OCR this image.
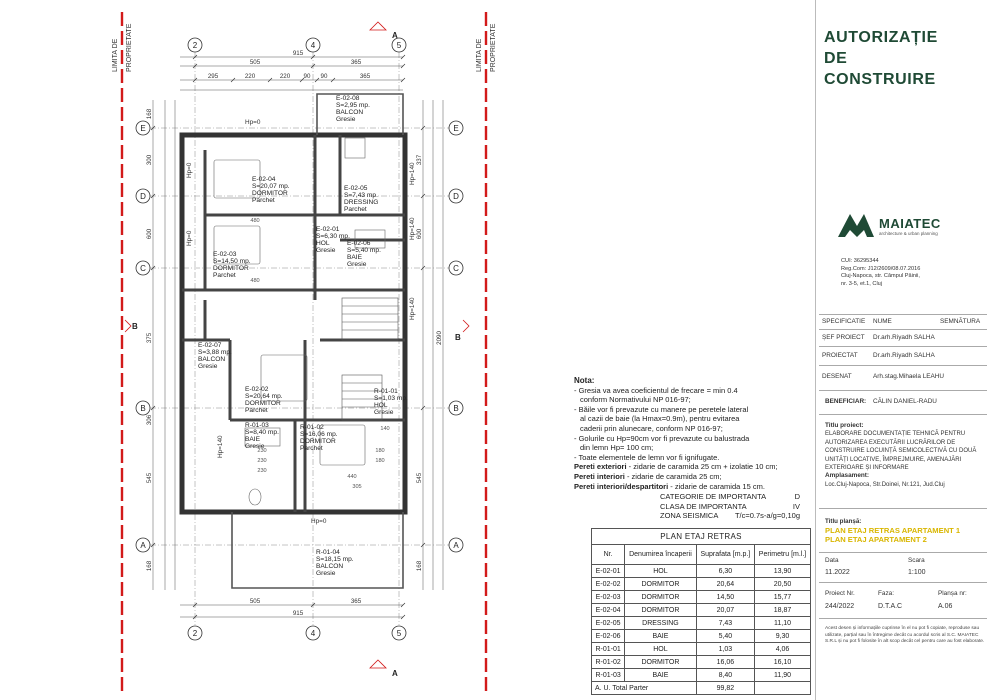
LIMITA DE PROPRIETATE	LIMITA DE PROPRIETATE
2	4	5
2	4	5
E
D
C
B
A
E
D
C
B
A
A
B
B
A
915
505	365
295	220	220 90 90	365
505	365
915
168
300
600
375
306
545
168
337
600
2090
545
168
Hp=0
Hp=0
Hp=0
Hp=140
Hp=140
Hp=140
Hp=140
Hp=0
480
480
230
230
230
440
180
180
140
305
E-02-08
S=2,95 mp.
BALCON
Gresie
E-02-04
S=20,07 mp.
DORMITOR
Parchet
E-02-05
S=7,43 mp.
DRESSING
Parchet
E-02-01
S=6,30 mp.
HOL
Gresie
E-02-06
S=5,40 mp.
BAIE
Gresie
E-02-03
S=14,50 mp.
DORMITOR
Parchet
E-02-07
S=3,88 mp.
BALCON
Gresie
E-02-02
S=20,64 mp.
DORMITOR
Parchet
R-01-01
S=1,03 mp.
HOL
Gresie
R-01-03
S=8,40 mp.
BAIE
Gresie
R-01-02
S=16,06 mp.
DORMITOR
Parchet
R-01-04
S=18,15 mp.
BALCON
Gresie
Nota:
- Gresia va avea coeficientul de frecare = min 0.4
conform Normativului NP 016-97;
- Băile vor fi prevazute cu manere pe peretele lateral
al cazii de baie (la Hmax=0.9m), pentru evitarea
caderii prin alunecare, conform NP 016-97;
- Golurile cu Hp=90cm vor fi prevazute cu balustrada
din lemn Hp= 100 cm;
- Toate elementele de lemn vor fi ignifugate.
Pereti exteriori - zidarie de caramida 25 cm + izolatie 10 cm;
Pereti interiori - zidarie de caramida 25 cm;
Pereti interiori/despartitori - zidarie de caramida 15 cm.
CATEGORIE DE IMPORTANTA	D
CLASA DE IMPORTANTA	IV
ZONA SEISMICA T/c=0.7s-a/g=0,10g
PLAN ETAJ RETRAS			
Nr.	Denumirea încaperii	Suprafata [m.p.]	Perimetru [m.l.]
E-02-01	HOL	6,30	13,90
E-02-02	DORMITOR	20,64	20,50
E-02-03	DORMITOR	14,50	15,77
E-02-04	DORMITOR	20,07	18,87
E-02-05	DRESSING	7,43	11,10
E-02-06	BAIE	5,40	9,30
R-01-01	HOL	1,03	4,06
R-01-02	DORMITOR	16,06	16,10
R-01-03	BAIE	8,40	11,90
A. U. Total Parter		99,82	
AUTORIZAȚIE
DE
CONSTRUIRE
MAIATEC
architecture & urban planning
CUI: 36295344
Reg.Com: J12/2609/08.07.2016
Cluj-Napoca, str. Câmpul Pâinii,
nr. 3-5, et.1, Cluj
SPECIFICATIE NUME	SEMNĂTURA
ȘEF PROIECT Dr.arh.Riyadh SALHA
PROIECTAT Dr.arh.Riyadh SALHA
DESENAT	Arh.stag.Mihaela LEAHU
BENEFICIAR: CĂLIN DANIEL-RADU
Titlu proiect:
ELABORARE DOCUMENTAȚIE TEHNICĂ PENTRU AUTORIZAREA EXECUTĂRII LUCRĂRILOR DE CONSTRUIRE LOCUINȚĂ SEMICOLECTIVĂ CU DOUĂ UNITĂȚI LOCATIVE, ÎMPREJMUIRE, AMENAJĂRI EXTERIOARE ȘI INFORMARE
Amplasament:
Loc.Cluj-Napoca, Str.Doinei, Nr.121, Jud.Cluj
Titlu planșă:
PLAN ETAJ RETRAS APARTAMENT 1
PLAN ETAJ APARTAMENT 2
Data	Scara
11.2022	1:100
Proiect Nr.	Faza:	Planșa nr:
244/2022	D.T.A.C	A.06
Acest desen și informațiile cuprinse în el nu pot fi copiate, reproduse sau utilizate, parțial sau în întregime decât cu acordul scris al S.C. MAIATEC S.R.L și nu pot fi folosite în alt scop decât cel pentru care au fost elaborate.
